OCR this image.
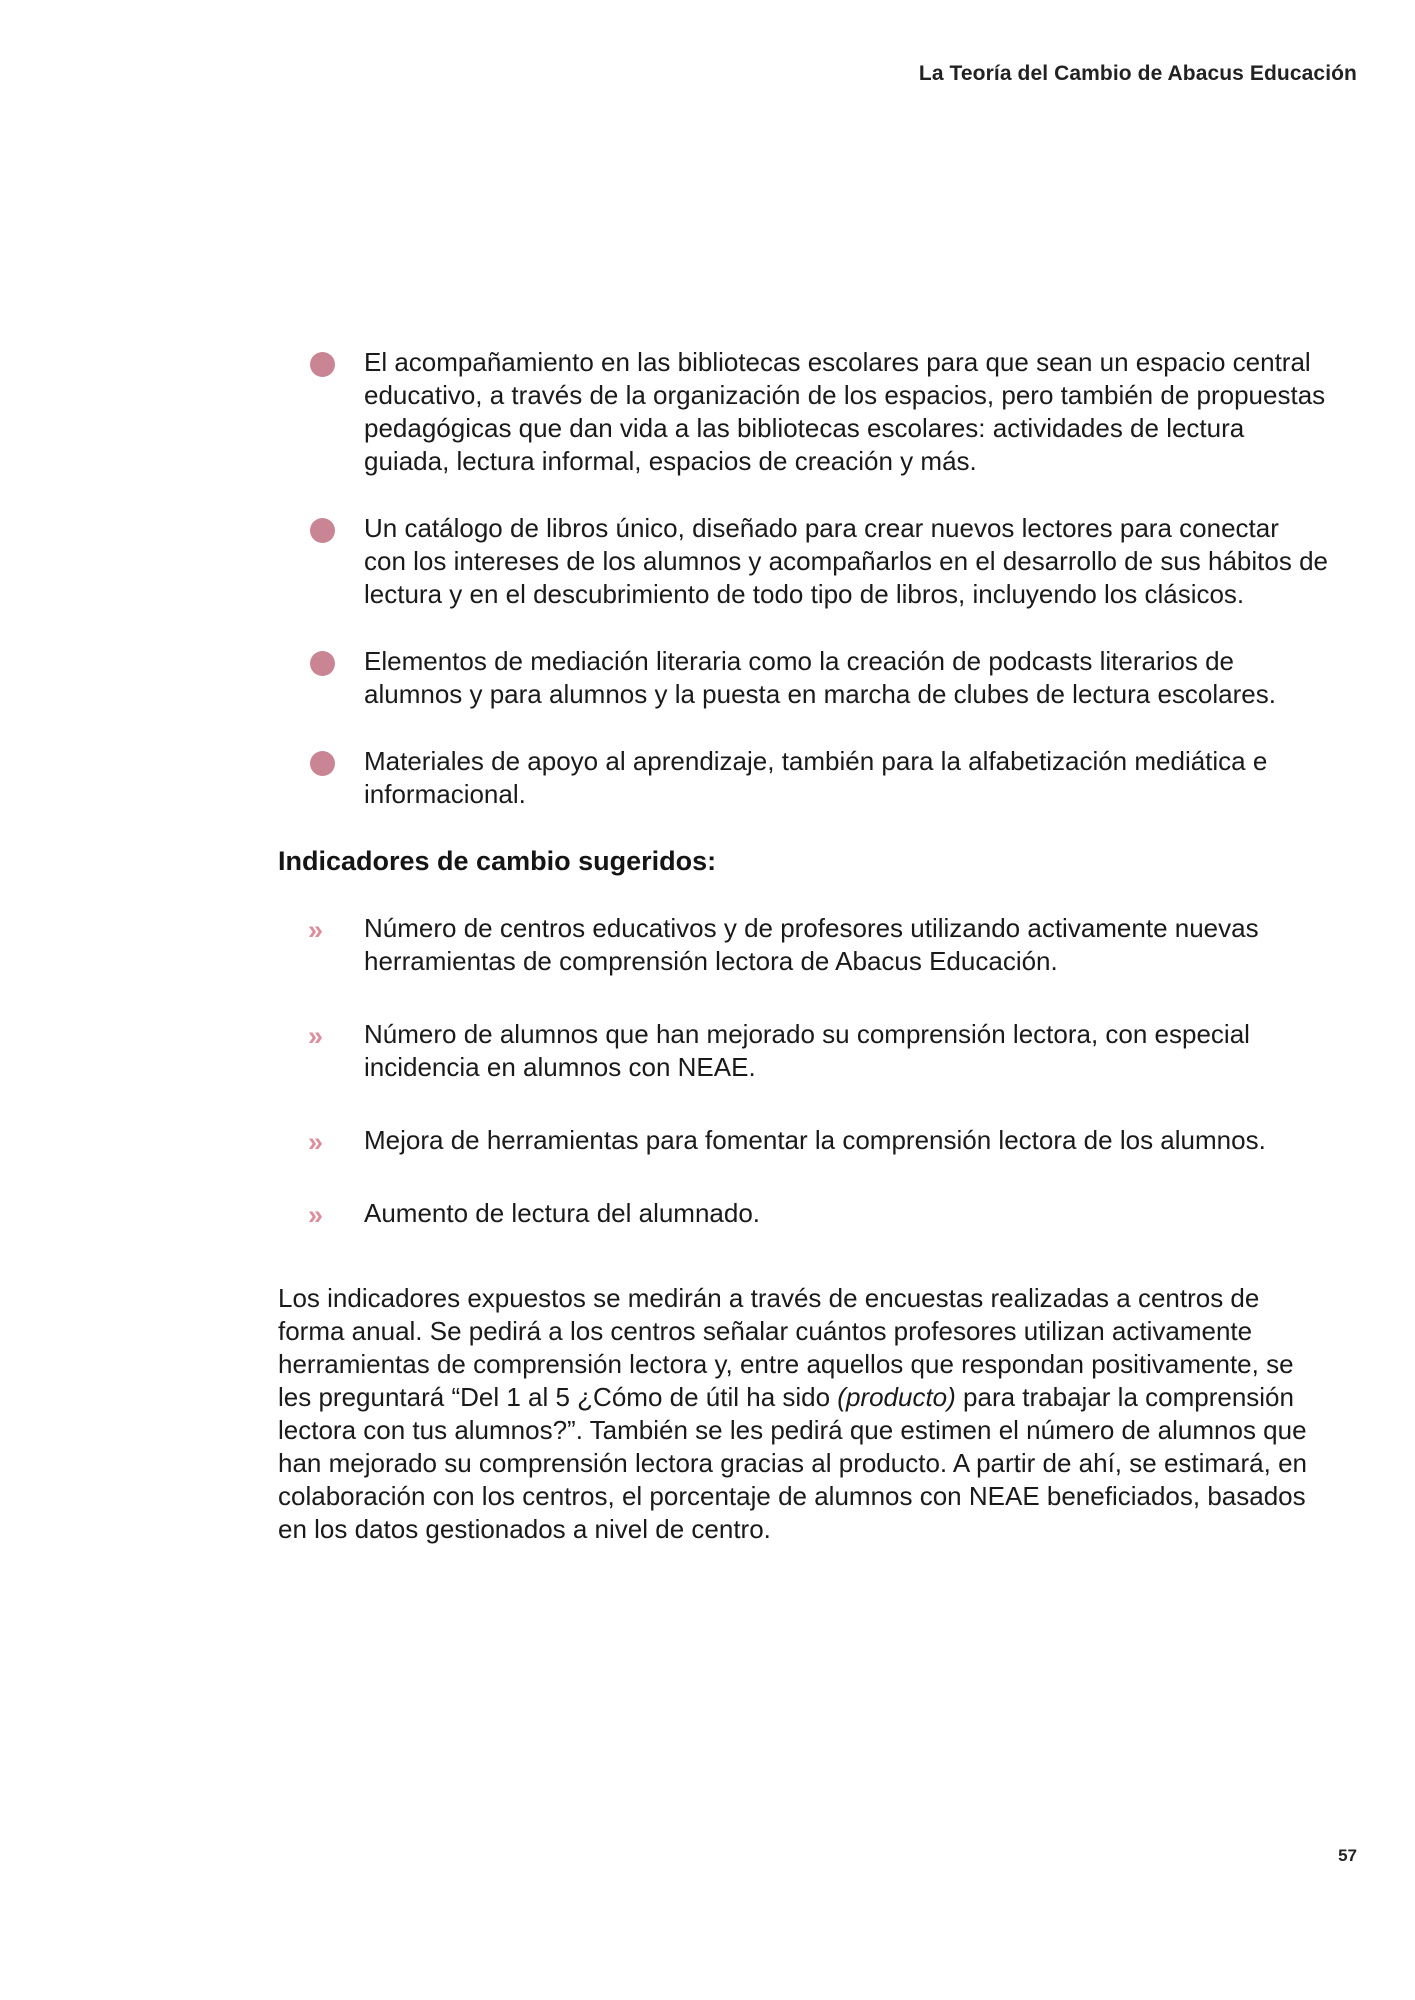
La Teoría del Cambio de Abacus Educación
El acompañamiento en las bibliotecas escolares para que sean un espacio central educativo, a través de la organización de los espacios, pero también de propuestas pedagógicas que dan vida a las bibliotecas escolares: actividades de lectura guiada, lectura informal, espacios de creación y más.
Un catálogo de libros único, diseñado para crear nuevos lectores para conectar con los intereses de los alumnos y acompañarlos en el desarrollo de sus hábitos de lectura y en el descubrimiento de todo tipo de libros, incluyendo los clásicos.
Elementos de mediación literaria como la creación de podcasts literarios de alumnos y para alumnos y la puesta en marcha de clubes de lectura escolares.
Materiales de apoyo al aprendizaje, también para la alfabetización mediática e informacional.
Indicadores de cambio sugeridos:
›› Número de centros educativos y de profesores utilizando activamente nuevas herramientas de comprensión lectora de Abacus Educación.
›› Número de alumnos que han mejorado su comprensión lectora, con especial incidencia en alumnos con NEAE.
›› Mejora de herramientas para fomentar la comprensión lectora de los alumnos.
›› Aumento de lectura del alumnado.

Los indicadores expuestos se medirán a través de encuestas realizadas a centros de forma anual. Se pedirá a los centros señalar cuántos profesores utilizan activamente herramientas de comprensión lectora y, entre aquellos que respondan positivamente, se les preguntará “Del 1 al 5 ¿Cómo de útil ha sido (producto) para trabajar la comprensión lectora con tus alumnos?”. También se les pedirá que estimen el número de alumnos que han mejorado su comprensión lectora gracias al producto. A partir de ahí, se estimará, en colaboración con los centros, el porcentaje de alumnos con NEAE beneficiados, basados en los datos gestionados a nivel de centro.

57
